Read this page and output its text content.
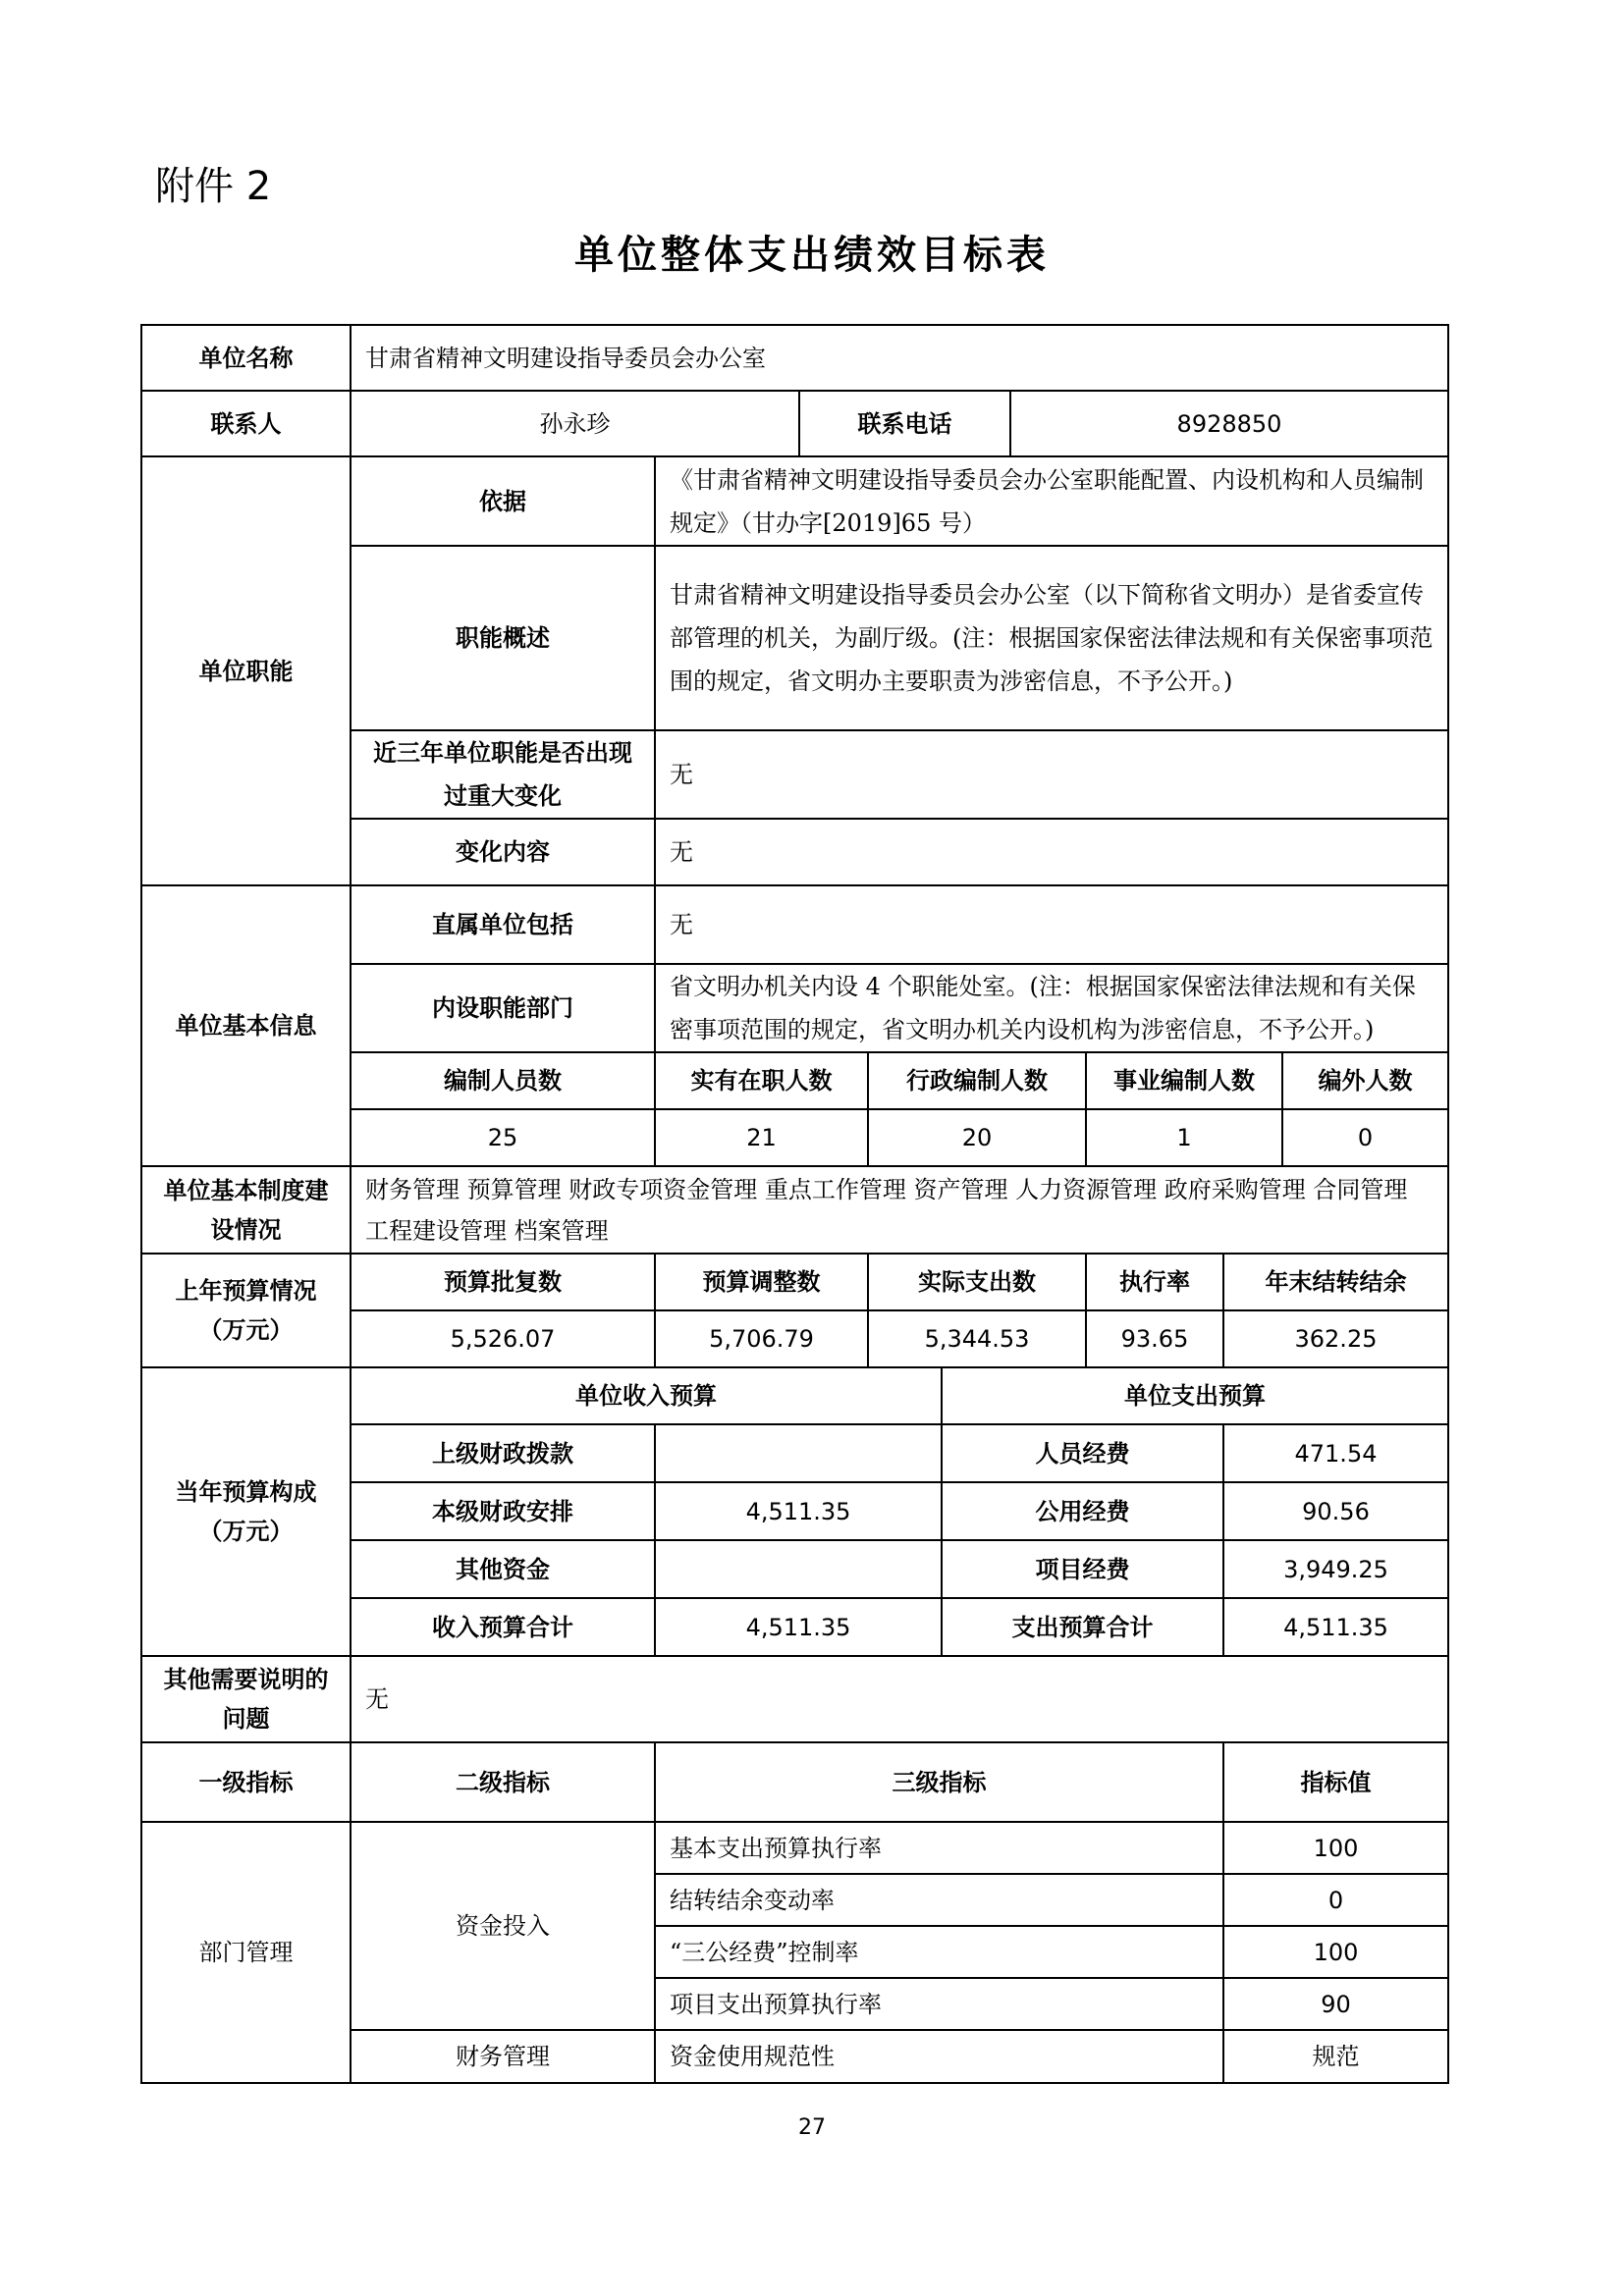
附件 2
单位整体支出绩效目标表
单位名称	甘肃省精神文明建设指导委员会办公室								
联系人	孙永珍		联系电话			8928850			
单位职能	依据	《甘肃省精神文明建设指导委员会办公室职能配置、内设机构和人员编制规定》（甘办字[2019]65 号）							
	职能概述	甘肃省精神文明建设指导委员会办公室（以下简称省文明办）是省委宣传部管理的机关，为副厅级。(注：根据国家保密法律法规和有关保密事项范围的规定，省文明办主要职责为涉密信息，不予公开。)							
	近三年单位职能是否出现过重大变化	无							
	变化内容	无							
单位基本信息	直属单位包括	无							
	内设职能部门	省文明办机关内设 4 个职能处室。(注：根据国家保密法律法规和有关保密事项范围的规定，省文明办机关内设机构为涉密信息，不予公开。)							
	编制人员数	实有在职人数		行政编制人数			事业编制人数		编外人数
	25	21		20			1		0
单位基本制度建设情况	财务管理 预算管理 财政专项资金管理 重点工作管理 资产管理 人力资源管理 政府采购管理 合同管理 工程建设管理 档案管理								
上年预算情况（万元）	预算批复数	预算调整数		实际支出数			执行率	年末结转结余	
	5,526.07	5,706.79		5,344.53			93.65	362.25	
当年预算构成（万元）	单位收入预算				单位支出预算				
	上级财政拨款				人员经费			471.54	
	本级财政安排	4,511.35			公用经费			90.56	
	其他资金				项目经费			3,949.25	
	收入预算合计	4,511.35			支出预算合计			4,511.35	
其他需要说明的问题	无								
一级指标	二级指标	三级指标						指标值	
部门管理	资金投入	基本支出预算执行率						100	
		结转结余变动率						0	
		“三公经费”控制率						100	
		项目支出预算执行率						90	
	财务管理	资金使用规范性						规范	
27
